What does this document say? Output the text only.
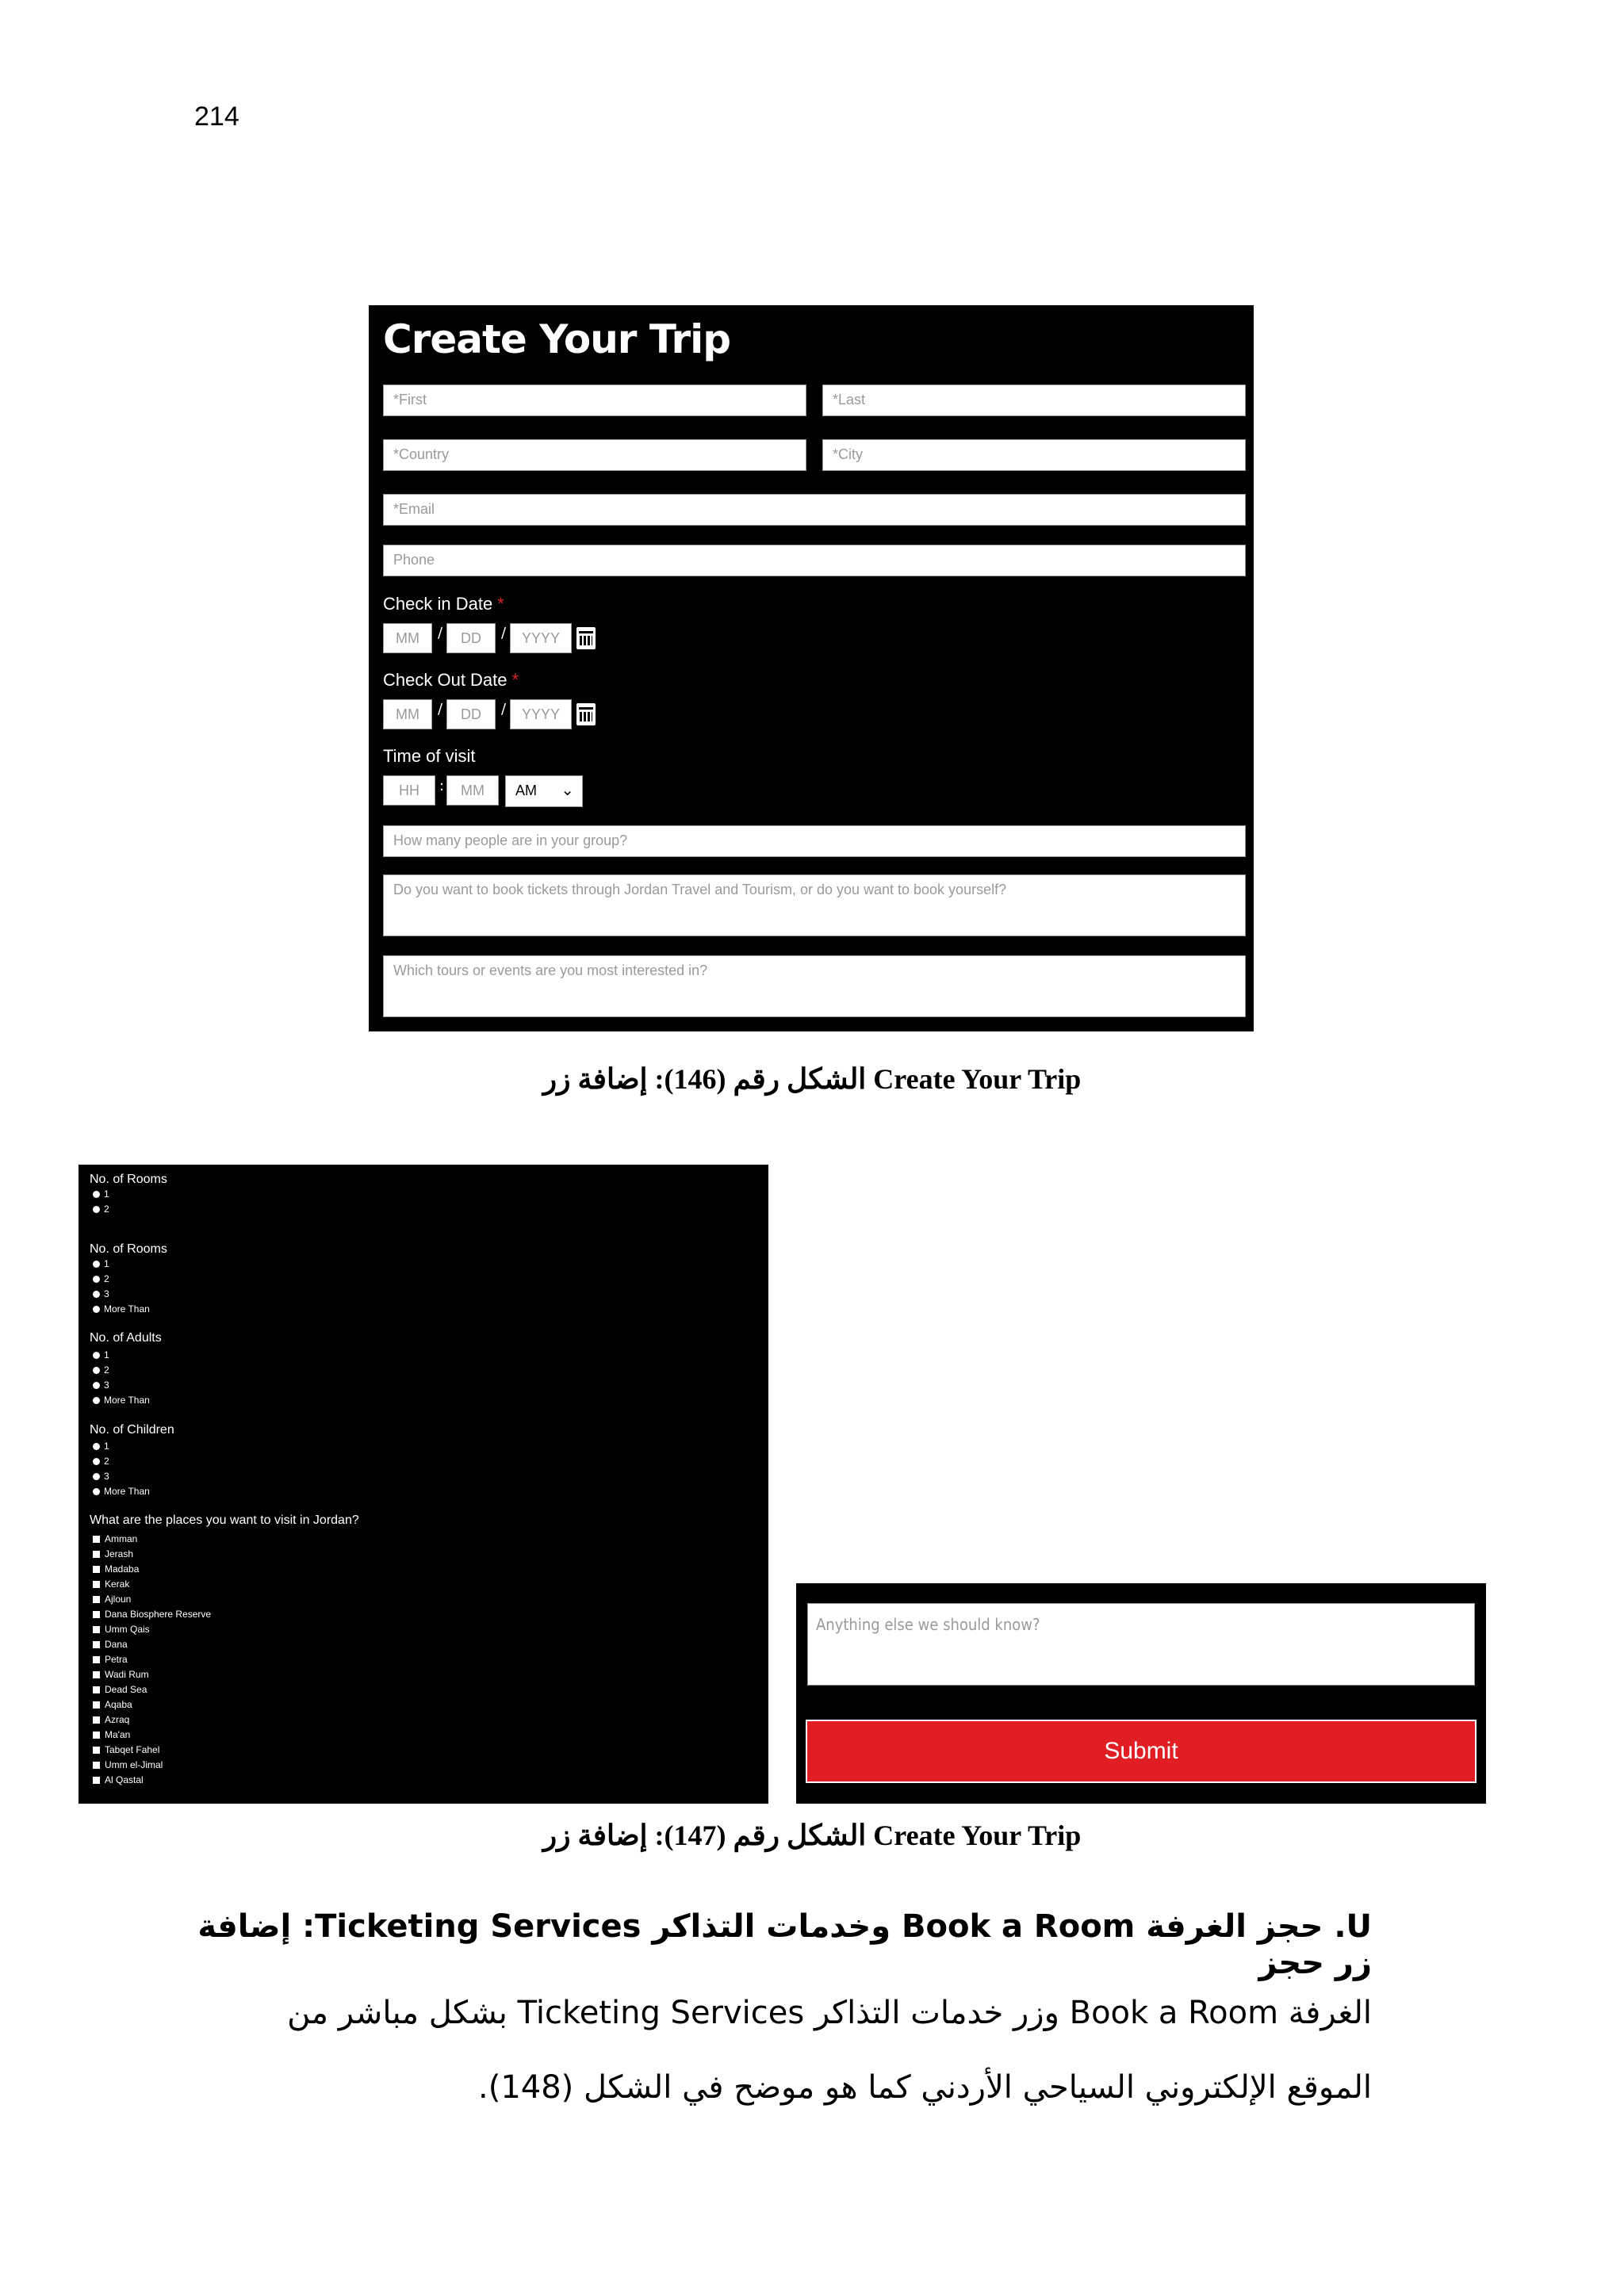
214
Create Your Trip
*First	*Last
*Country	*City
*Email
Phone
Check in Date *
MM	/	DD	/	YYYY
Check Out Date *
MM	/	DD	/	YYYY
Time of visit
HH	:	MM	AM ⌄
How many people are in your group?
Do you want to book tickets through Jordan Travel and Tourism, or do you want to book yourself?
Which tours or events are you most interested in?
الشكل رقم (146): إضافة زر Create Your Trip
No. of Rooms
1
2
No. of Rooms
1
2
3
More Than
No. of Adults
1
2
3
More Than
No. of Children
1
2
3
More Than
What are the places you want to visit in Jordan?
Amman
Jerash
Madaba
Kerak
Ajloun
Dana Biosphere Reserve
Umm Qais
Dana
Petra
Wadi Rum
Dead Sea
Aqaba
Azraq
Ma'an
Tabqet Fahel
Umm el-Jimal
Al Qastal
Anything else we should know?
Submit
الشكل رقم (147): إضافة زر Create Your Trip
U. حجز الغرفة Book a Room وخدمات التذاكر Ticketing Services: إضافة زر حجز
الغرفة Book a Room وزر خدمات التذاكر Ticketing Services بشكل مباشر من
الموقع الإلكتروني السياحي الأردني كما هو موضح في الشكل (148).
